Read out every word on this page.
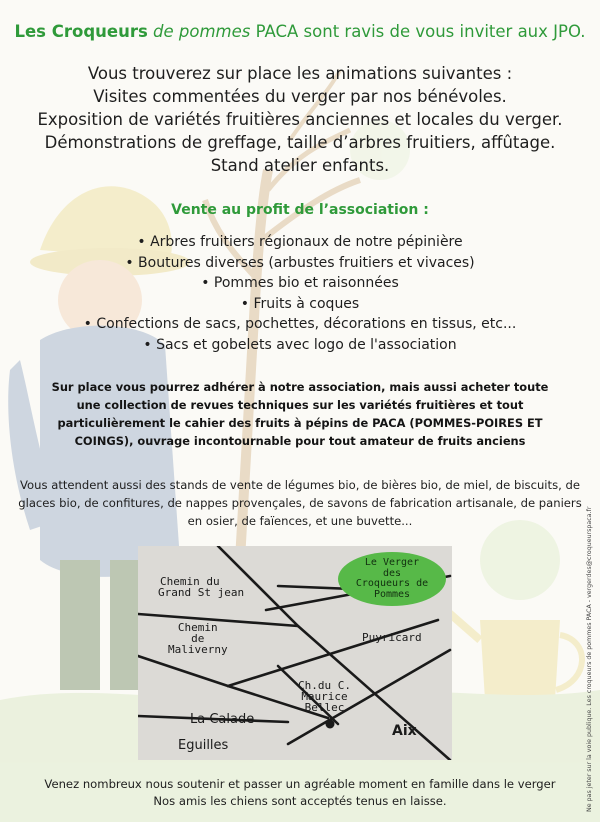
Les Croqueurs de pommes PACA sont ravis de vous inviter aux JPO.
Vous trouverez sur place les animations suivantes :
Visites commentées du verger par nos bénévoles.
Exposition de variétés fruitières anciennes et locales du verger.
Démonstrations de greffage, taille d’arbres fruitiers, affûtage.
Stand atelier enfants.
Vente au profit de l’association :
• Arbres fruitiers régionaux de notre pépinière
• Boutures diverses (arbustes fruitiers et vivaces)
• Pommes bio et raisonnées
• Fruits à coques
• Confections de sacs, pochettes, décorations en tissus, etc...
• Sacs et gobelets avec logo de l'association
Sur place vous pourrez adhérer à notre association, mais aussi acheter toute une collection de revues techniques sur les variétés fruitières et tout particulièrement le cahier des fruits à pépins de PACA (POMMES-POIRES ET COINGS), ouvrage incontournable pour tout amateur de fruits anciens
Vous attendent aussi des stands de vente de légumes bio, de bières bio, de miel, de biscuits, de glaces bio, de confitures, de nappes provençales, de savons de fabrication artisanale, de paniers en osier, de faïences, et une buvette...
Le Verger
des
Croqueurs de
Pommes
Chemin du
Grand St jean
Chemin
de
Maliverny
Puyricard
Ch.du C.
Maurice
Bellec
La Calade
Aix
Eguilles
Venez nombreux nous soutenir et passer un agréable moment en famille dans le verger
Nos amis les chiens sont acceptés tenus en laisse.	Ne pas jeter sur la voie publique. Les croqueurs de pommes PACA - vergerdes@croqueurspaca.fr
